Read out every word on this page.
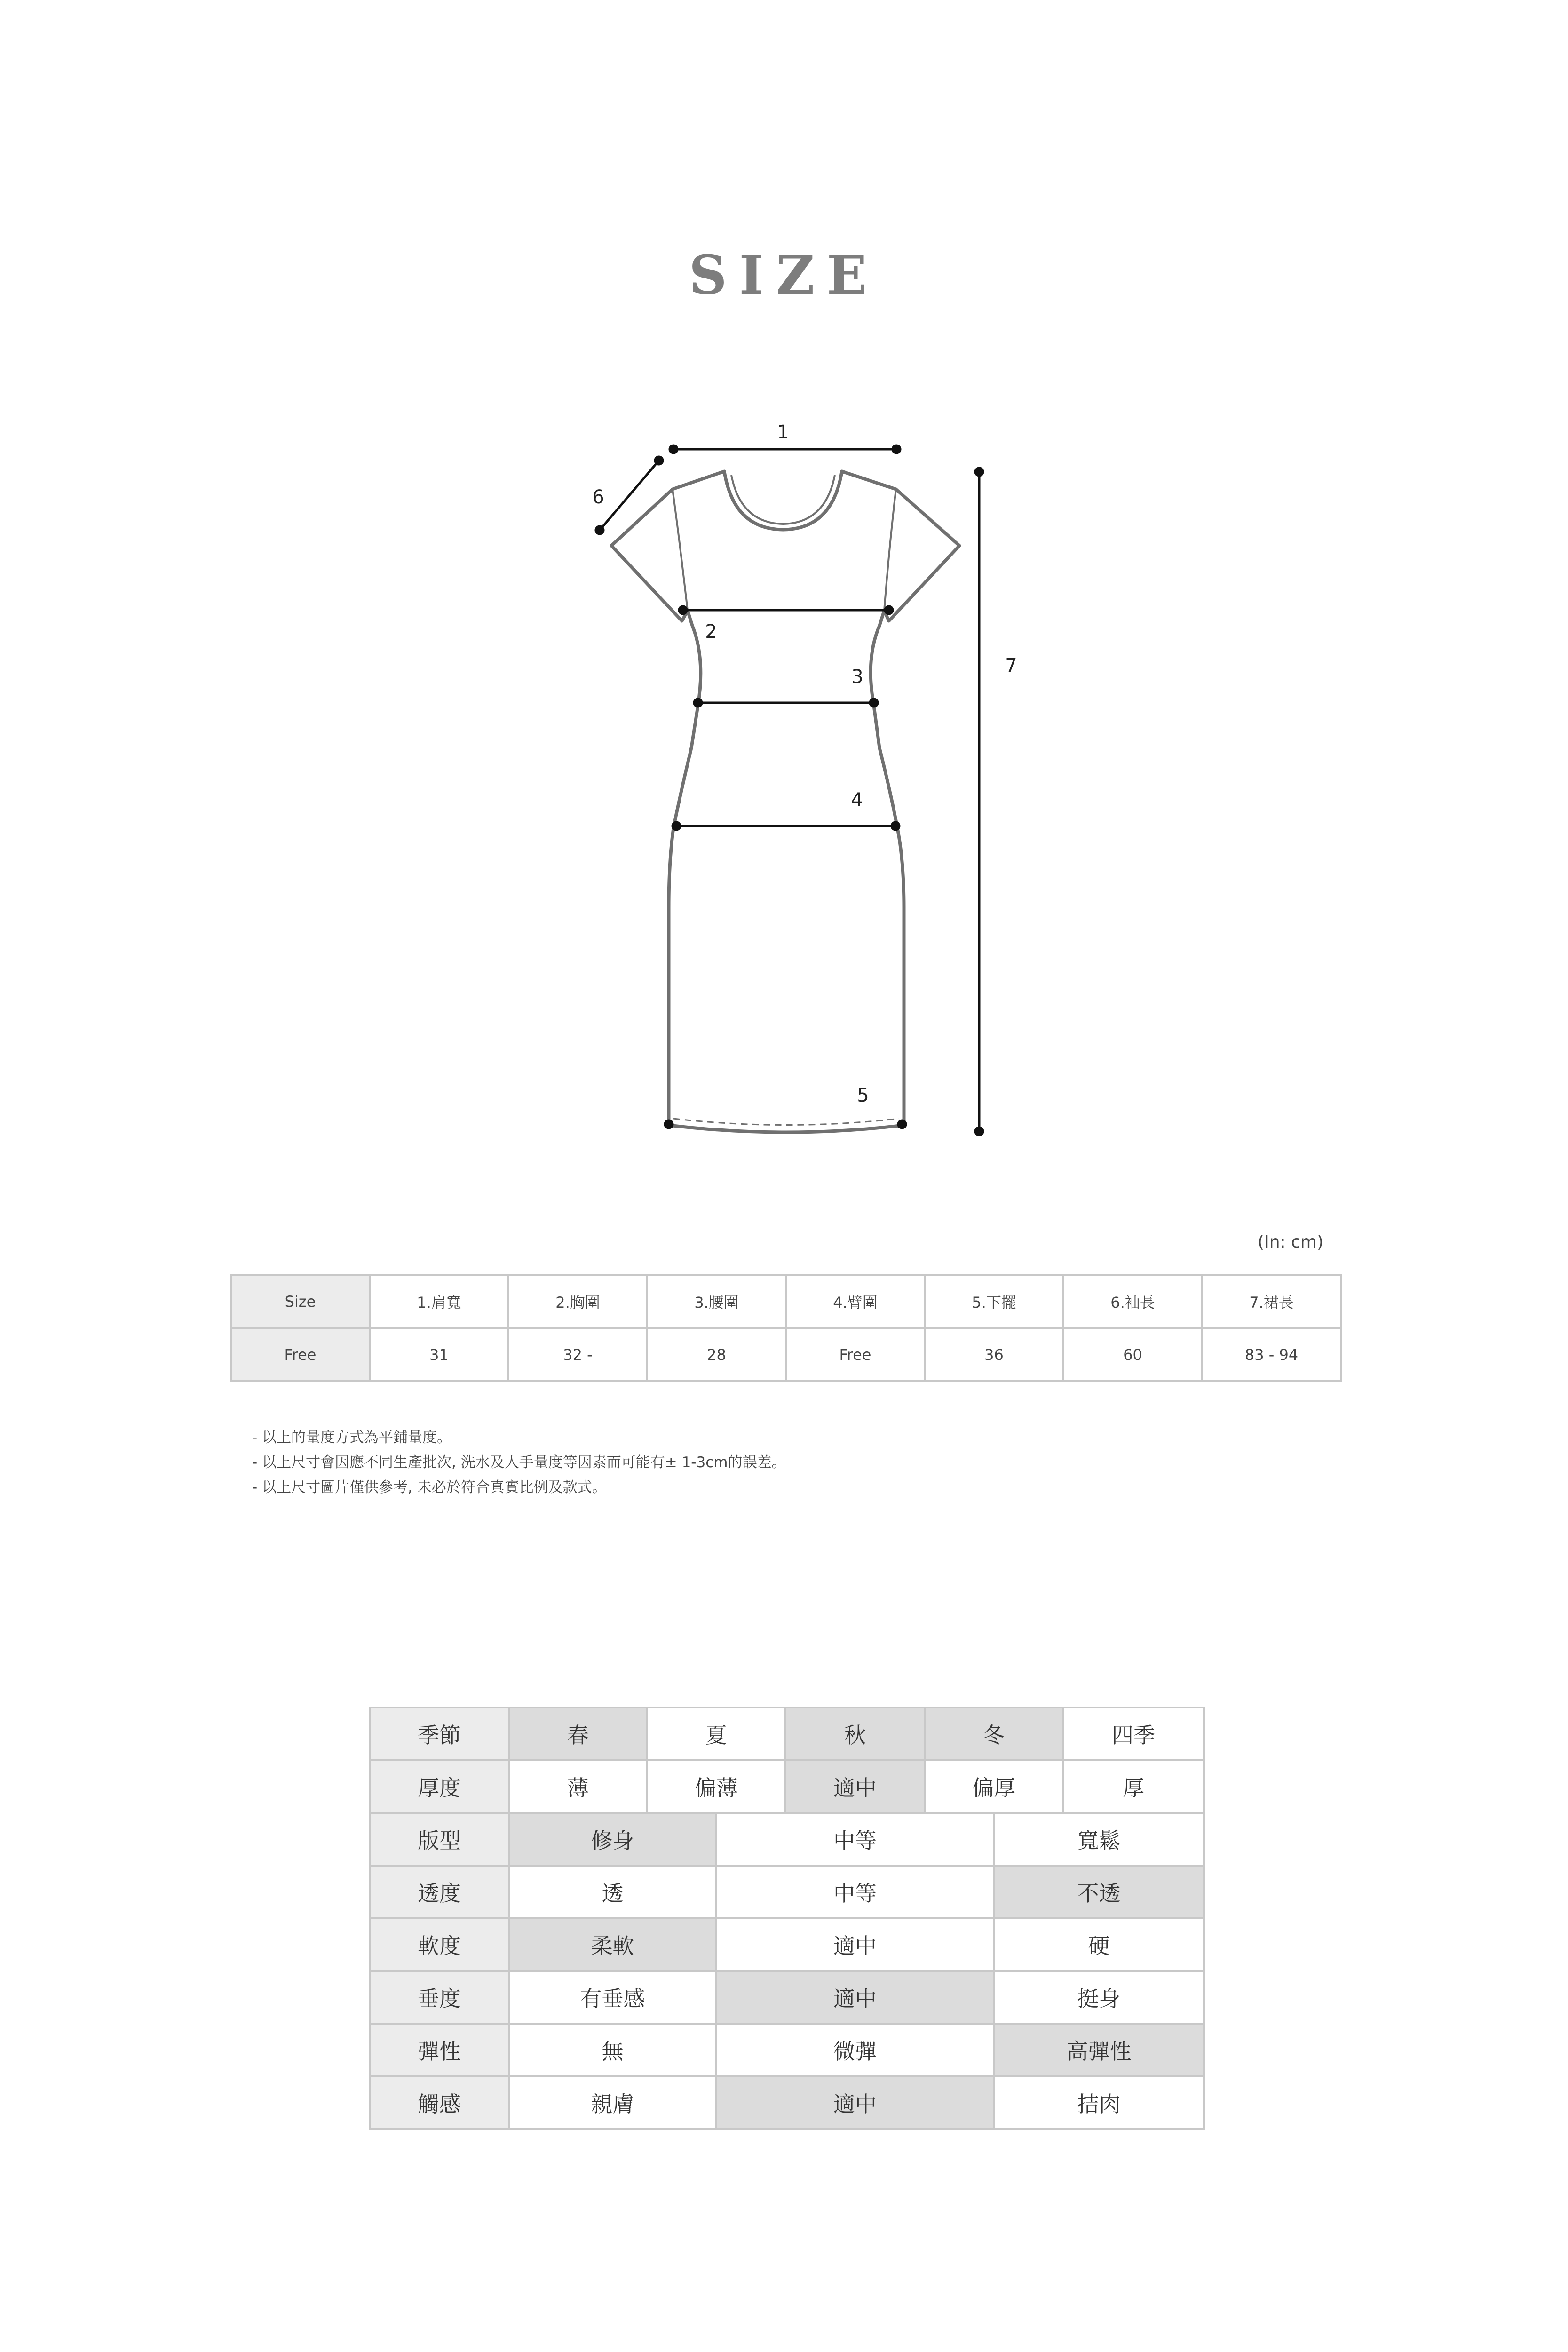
SIZE
1
2
3
4
5
6
7
(In: cm)
Size	1.肩寬	2.胸圍	3.腰圍	4.臂圍	5.下擺	6.袖長	7.裙長
Free	31	32 -	28	Free	36	60	83 - 94
- 以上的量度方式為平鋪量度。
- 以上尺寸會因應不同生產批次, 洗水及人手量度等因素而可能有± 1-3cm的誤差。
- 以上尺寸圖片僅供參考, 未必於符合真實比例及款式。
季節	春	夏		秋	冬		四季
厚度	薄	偏薄		適中	偏厚		厚
版型	修身		中等			寬鬆	
透度	透		中等			不透	
軟度	柔軟		適中			硬	
垂度	有垂感		適中			挺身	
彈性	無		微彈			高彈性	
觸感	親膚		適中			拮肉	
